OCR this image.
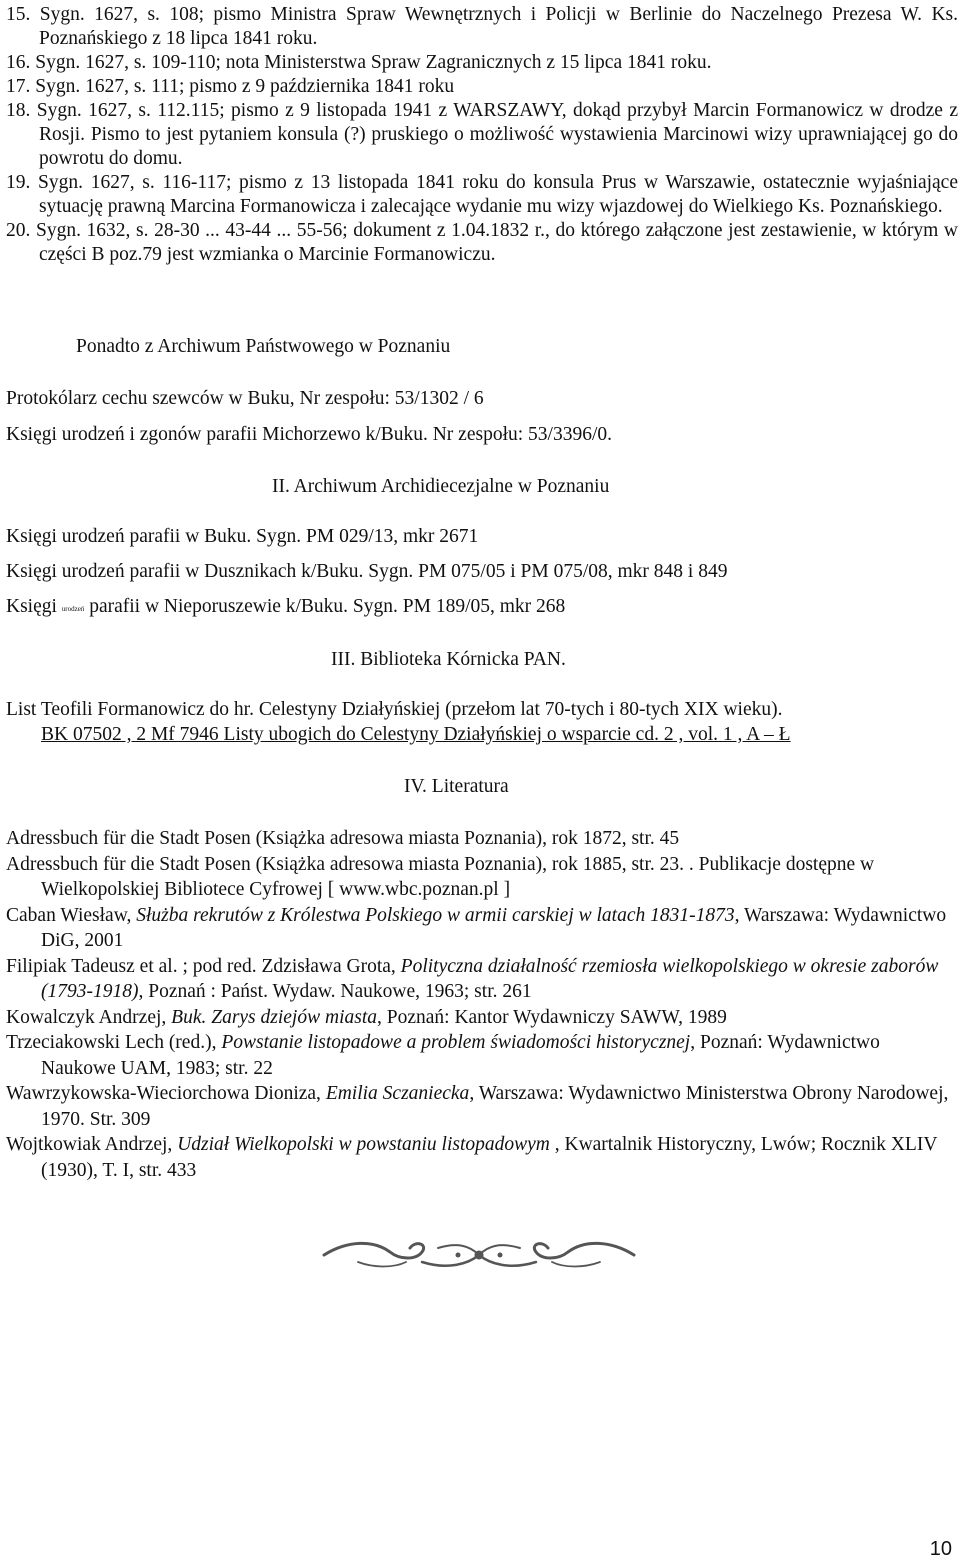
15. Sygn. 1627, s. 108; pismo Ministra Spraw Wewnętrznych i Policji w Berlinie do Naczelnego Prezesa W. Ks. Poznańskiego z 18 lipca 1841 roku.
16. Sygn. 1627, s. 109-110; nota Ministerstwa Spraw Zagranicznych z 15 lipca 1841 roku.
17. Sygn. 1627, s. 111; pismo z 9 października 1841 roku
18. Sygn. 1627, s. 112.115; pismo z 9 listopada 1941 z WARSZAWY, dokąd przybył Marcin Formanowicz w drodze z Rosji. Pismo to jest pytaniem konsula (?) pruskiego o możliwość wystawienia Marcinowi wizy uprawniającej go do powrotu do domu.
19. Sygn. 1627, s. 116-117; pismo z 13 listopada 1841 roku do konsula Prus w Warszawie, ostatecznie wyjaśniające sytuację prawną Marcina Formanowicza i zalecające wydanie mu wizy wjazdowej do Wielkiego Ks. Poznańskiego.
20. Sygn. 1632, s. 28-30 ... 43-44 ... 55-56; dokument z 1.04.1832 r., do którego załączone jest zestawienie, w którym w części B poz.79 jest wzmianka o Marcinie Formanowiczu.
Ponadto z Archiwum Państwowego w Poznaniu
Protokólarz cechu szewców w Buku, Nr zespołu: 53/1302 / 6
Księgi urodzeń i zgonów parafii Michorzewo k/Buku. Nr zespołu: 53/3396/0.
II. Archiwum Archidiecezjalne w Poznaniu
Księgi urodzeń parafii w Buku. Sygn. PM 029/13, mkr 2671
Księgi urodzeń parafii w Dusznikach k/Buku. Sygn. PM 075/05 i PM 075/08, mkr 848 i 849
Księgi urodzeń parafii w Nieporuszewie k/Buku. Sygn. PM 189/05, mkr 268
III. Biblioteka Kórnicka PAN.
List Teofili Formanowicz do hr. Celestyny Działyńskiej (przełom lat 70-tych i 80-tych XIX wieku).
BK 07502 , 2 Mf 7946 Listy ubogich do Celestyny Działyńskiej o wsparcie cd. 2 , vol. 1 , A – Ł
IV. Literatura
Adressbuch für die Stadt Posen (Książka adresowa miasta Poznania), rok 1872, str. 45
Adressbuch für die Stadt Posen (Książka adresowa miasta Poznania), rok 1885, str. 23. . Publikacje dostępne w Wielkopolskiej Bibliotece Cyfrowej [ www.wbc.poznan.pl ]
Caban Wiesław, Służba rekrutów z Królestwa Polskiego w armii carskiej w latach 1831-1873, Warszawa: Wydawnictwo DiG, 2001
Filipiak Tadeusz et al. ; pod red. Zdzisława Grota, Polityczna działalność rzemiosła wielkopolskiego w okresie zaborów (1793-1918), Poznań : Państ. Wydaw. Naukowe, 1963; str. 261
Kowalczyk Andrzej, Buk. Zarys dziejów miasta, Poznań: Kantor Wydawniczy SAWW, 1989
Trzeciakowski Lech (red.), Powstanie listopadowe a problem świadomości historycznej, Poznań: Wydawnictwo Naukowe UAM, 1983; str. 22
Wawrzykowska-Wieciorchowa Dioniza, Emilia Sczaniecka, Warszawa: Wydawnictwo Ministerstwa Obrony Narodowej, 1970. Str. 309
Wojtkowiak Andrzej, Udział Wielkopolski w powstaniu listopadowym , Kwartalnik Historyczny, Lwów; Rocznik XLIV (1930), T. I, str. 433
10
